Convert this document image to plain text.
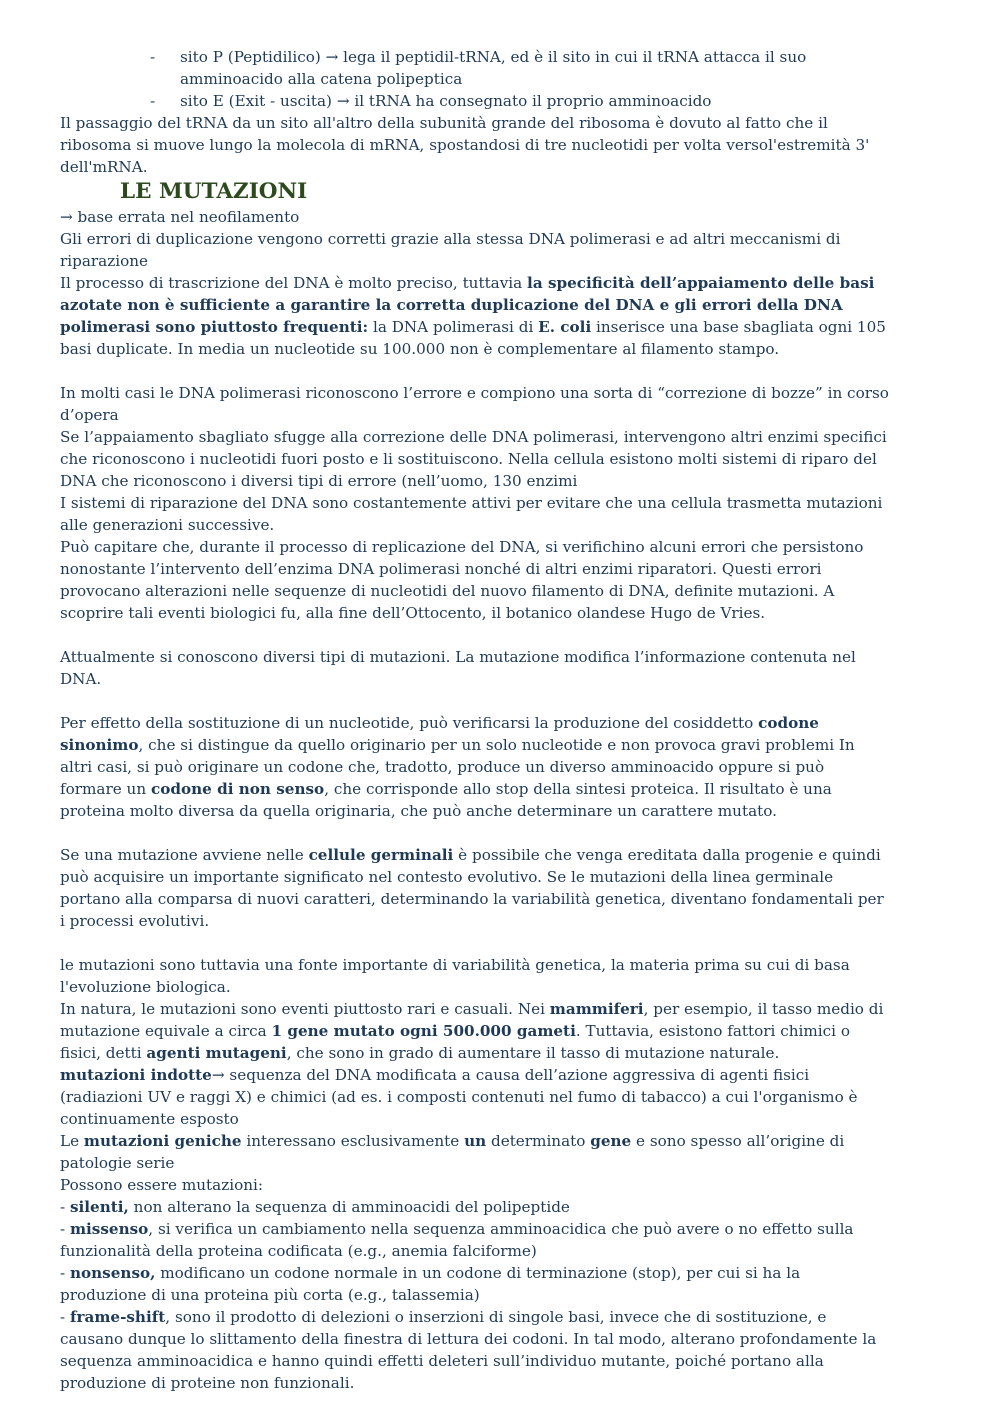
- sito P (Peptidilico) → lega il peptidil-tRNA, ed è il sito in cui il tRNA attacca il suo amminoacido alla catena polipeptica
- sito E (Exit - uscita) → il tRNA ha consegnato il proprio amminoacido

Il passaggio del tRNA da un sito all'altro della subunità grande del ribosoma è dovuto al fatto che il ribosoma si muove lungo la molecola di mRNA, spostandosi di tre nucleotidi per volta versol'estremità 3' dell'mRNA.

LE MUTAZIONI

→ base errata nel neofilamento

Gli errori di duplicazione vengono corretti grazie alla stessa DNA polimerasi e ad altri meccanismi di riparazione

Il processo di trascrizione del DNA è molto preciso, tuttavia la specificità dell’appaiamento delle basi azotate non è sufficiente a garantire la corretta duplicazione del DNA e gli errori della DNA polimerasi sono piuttosto frequenti: la DNA polimerasi di E. coli inserisce una base sbagliata ogni 105 basi duplicate. In media un nucleotide su 100.000 non è complementare al filamento stampo.

In molti casi le DNA polimerasi riconoscono l’errore e compiono una sorta di “correzione di bozze” in corso d’opera

Se l’appaiamento sbagliato sfugge alla correzione delle DNA polimerasi, intervengono altri enzimi specifici che riconoscono i nucleotidi fuori posto e li sostituiscono. Nella cellula esistono molti sistemi di riparo del DNA che riconoscono i diversi tipi di errore (nell’uomo, 130 enzimi

I sistemi di riparazione del DNA sono costantemente attivi per evitare che una cellula trasmetta mutazioni alle generazioni successive.

Può capitare che, durante il processo di replicazione del DNA, si verifichino alcuni errori che persistono nonostante l’intervento dell’enzima DNA polimerasi nonché di altri enzimi riparatori. Questi errori provocano alterazioni nelle sequenze di nucleotidi del nuovo filamento di DNA, definite mutazioni. A scoprire tali eventi biologici fu, alla fine dell’Ottocento, il botanico olandese Hugo de Vries.

Attualmente si conoscono diversi tipi di mutazioni. La mutazione modifica l’informazione contenuta nel DNA.

Per effetto della sostituzione di un nucleotide, può verificarsi la produzione del cosiddetto codone sinonimo, che si distingue da quello originario per un solo nucleotide e non provoca gravi problemi In altri casi, si può originare un codone che, tradotto, produce un diverso amminoacido oppure si può formare un codone di non senso, che corrisponde allo stop della sintesi proteica. Il risultato è una proteina molto diversa da quella originaria, che può anche determinare un carattere mutato.

Se una mutazione avviene nelle cellule germinali è possibile che venga ereditata dalla progenie e quindi può acquisire un importante significato nel contesto evolutivo. Se le mutazioni della linea germinale portano alla comparsa di nuovi caratteri, determinando la variabilità genetica, diventano fondamentali per i processi evolutivi.

le mutazioni sono tuttavia una fonte importante di variabilità genetica, la materia prima su cui di basa l'evoluzione biologica.

In natura, le mutazioni sono eventi piuttosto rari e casuali. Nei mammiferi, per esempio, il tasso medio di mutazione equivale a circa 1 gene mutato ogni 500.000 gameti. Tuttavia, esistono fattori chimici o fisici, detti agenti mutageni, che sono in grado di aumentare il tasso di mutazione naturale.

mutazioni indotte→ sequenza del DNA modificata a causa dell’azione aggressiva di agenti fisici (radiazioni UV e raggi X) e chimici (ad es. i composti contenuti nel fumo di tabacco) a cui l'organismo è continuamente esposto

Le mutazioni geniche interessano esclusivamente un determinato gene e sono spesso all’origine di patologie serie

Possono essere mutazioni:

- silenti, non alterano la sequenza di amminoacidi del polipeptide

- missenso, si verifica un cambiamento nella sequenza amminoacidica che può avere o no effetto sulla funzionalità della proteina codificata (e.g., anemia falciforme)

- nonsenso, modificano un codone normale in un codone di terminazione (stop), per cui si ha la produzione di una proteina più corta (e.g., talassemia)

- frame-shift, sono il prodotto di delezioni o inserzioni di singole basi, invece che di sostituzione, e causano dunque lo slittamento della finestra di lettura dei codoni. In tal modo, alterano profondamente la sequenza amminoacidica e hanno quindi effetti deleteri sull’individuo mutante, poiché portano alla produzione di proteine non funzionali.
